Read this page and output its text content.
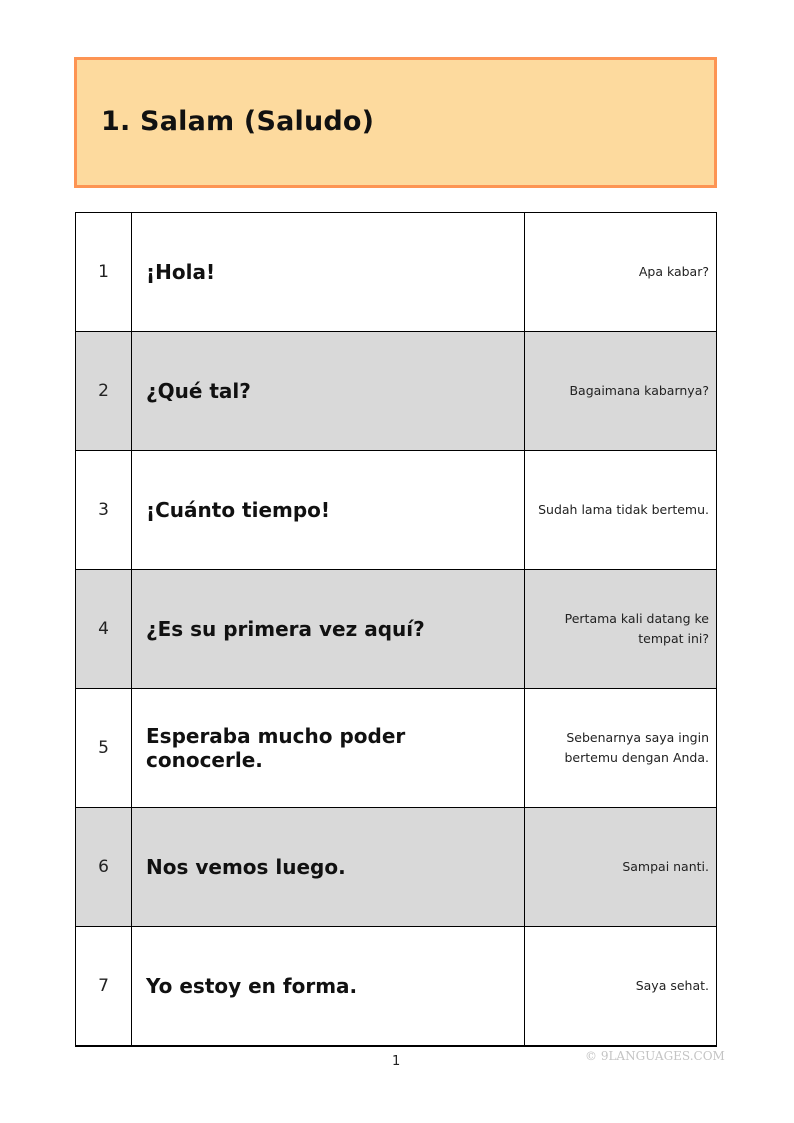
1. Salam (Saludo)
1	¡Hola!	Apa kabar?
2	¿Qué tal?	Bagaimana kabarnya?
3	¡Cuánto tiempo!	Sudah lama tidak bertemu.
4	¿Es su primera vez aquí?	Pertama kali datang ke tempat ini?
5	Esperaba mucho poder conocerle.	Sebenarnya saya ingin bertemu dengan Anda.
6	Nos vemos luego.	Sampai nanti.
7	Yo estoy en forma.	Saya sehat.
1	© 9LANGUAGES.COM
